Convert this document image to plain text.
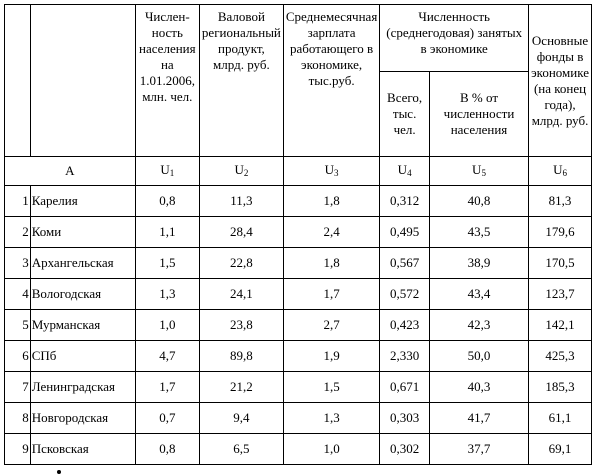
		Числен-ность населения на 1.01.2006, млн. чел.	Валовой региональный продукт, млрд. руб.	Среднемесячная зарплата работающего в экономике, тыс.руб.	Численность (среднегодовая) занятых в экономике		Основные фонды в экономике (на конец года), млрд. руб.
					Всего, тыс. чел.	В % от численности населения	
А		$U_1$	$U_2$	$U_3$	$U_4$	$U_5$	$U_6$
1	Карелия	0,8	11,3	1,8	0,312	40,8	81,3
2	Коми	1,1	28,4	2,4	0,495	43,5	179,6
3	Архангельская	1,5	22,8	1,8	0,567	38,9	170,5
4	Вологодская	1,3	24,1	1,7	0,572	43,4	123,7
5	Мурманская	1,0	23,8	2,7	0,423	42,3	142,1
6	СПб	4,7	89,8	1,9	2,330	50,0	425,3
7	Ленинградская	1,7	21,2	1,5	0,671	40,3	185,3
8	Новгородская	0,7	9,4	1,3	0,303	41,7	61,1
9	Псковская	0,8	6,5	1,0	0,302	37,7	69,1
